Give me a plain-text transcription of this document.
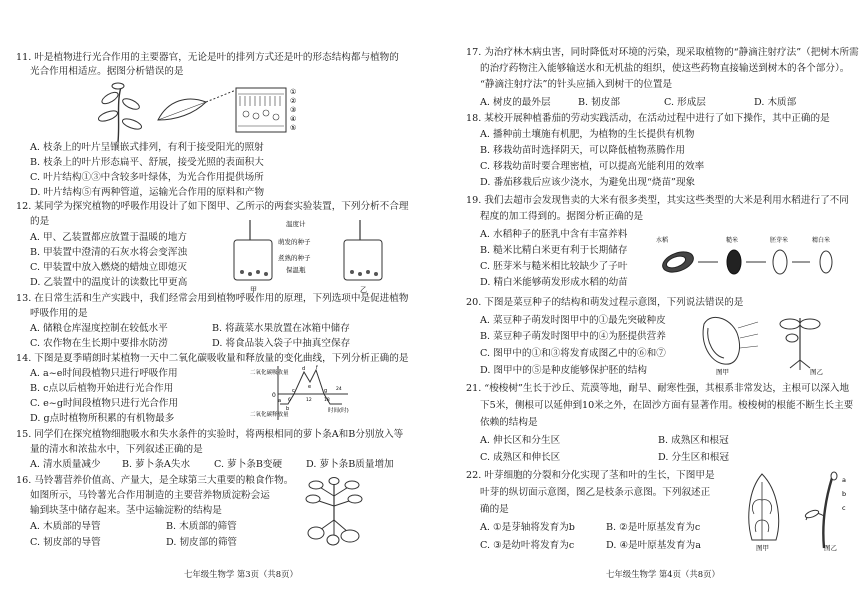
11. 叶是植物进行光合作用的主要器官，无论是叶的排列方式还是叶的形态结构都与植物的
光合作用相适应。据图分析错误的是
①
②
③
④
⑤
A. 枝条上的叶片呈镶嵌式排列，有利于接受阳光的照射
B. 枝条上的叶片形态扁平、舒展，接受光照的表面积大
C. 叶片结构①③中含较多叶绿体，为光合作用提供场所
D. 叶片结构⑤有两种管道，运输光合作用的原料和产物
12. 某同学为探究植物的呼吸作用设计了如下图甲、乙所示的两套实验装置，下列分析不合理
的是
A. 甲、乙装置都应放置于温暖的地方
B. 甲装置中澄清的石灰水将会变浑浊
C. 甲装置中放入燃烧的蜡烛立即熄灭
D. 乙装置中的温度计的读数比甲更高
温度计
萌发的种子
煮熟的种子
保温瓶
甲	乙
13. 在日常生活和生产实践中，我们经常会用到植物呼吸作用的原理，下列选项中是促进植物
呼吸作用的是
A. 储粮仓库湿度控制在较低水平	B. 将蔬菜水果放置在冰箱中储存
C. 农作物在生长期中要排水防涝	D. 将食品装入袋子中抽真空保存
14. 下图是夏季晴朗时某植物一天中二氧化碳吸收量和释放量的变化曲线，下列分析正确的是
A. a~e时间段植物只进行呼吸作用
B. c点以后植物开始进行光合作用
C. e~g时间段植物只进行光合作用
D. g点时植物所积累的有机物最多
二氧化碳吸收量
二氧化碳释放量
0
a
b
c
d
e
f
g
6	12	18
24
时间(时)
15. 同学们在探究植物细胞吸水和失水条件的实验时，将两根相同的萝卜条A和B分别放入等
量的清水和浓盐水中，下列叙述正确的是
A. 清水质量减少 B. 萝卜条A失水 C. 萝卜条B变硬 D. 萝卜条B质量增加
16. 马铃薯营养价值高、产量大，是全球第三大重要的粮食作物。
如图所示，马铃薯光合作用制造的主要营养物质淀粉会运
输到块茎中储存起来。茎中运输淀粉的结构是
A. 木质部的导管	B. 木质部的筛管
C. 韧皮部的导管	D. 韧皮部的筛管
七年级生物学 第3页（共8页）
17. 为治疗林木病虫害，同时降低对环境的污染，现采取植物的“静滴注射疗法”（把树木所需
的治疗药物注入能够输送水和无机盐的组织，使这些药物直接输送到树木的各个部分）。
“静滴注射疗法”的针头应插入到树干的位置是
A. 树皮的最外层	B. 韧皮部	C. 形成层	D. 木质部
18. 某校开展种植番茄的劳动实践活动，在活动过程中进行了如下操作，其中正确的是
A. 播种前土壤施有机肥，为植物的生长提供有机物
B. 移栽幼苗时选择阴天，可以降低植物蒸腾作用
C. 移栽幼苗时要合理密植，可以提高光能利用的效率
D. 番茄移栽后应该少浇水，为避免出现“烧苗”现象
19. 我们去超市会发现售卖的大米有很多类型，其实这些类型的大米是利用水稻进行了不同
程度的加工得到的。据图分析正确的是
A. 水稻种子的胚乳中含有丰富养料
B. 糙米比精白米更有利于长期储存
C. 胚芽米与糙米相比较缺少了子叶
D. 精白米能够萌发形成水稻的幼苗
水稻	糙米	胚芽米	精白米
20. 下图是菜豆种子的结构和萌发过程示意图，下列说法错误的是
A. 菜豆种子萌发时图甲中的①最先突破种皮
B. 菜豆种子萌发时图甲中的④为胚提供营养
C. 图甲中的①和③将发育成图乙中的⑥和⑦
D. 图甲中的⑤是种皮能够保护胚的结构	图甲	图乙
21. “梭梭树”生长于沙丘、荒漠等地，耐旱、耐寒性强，其根系非常发达，主根可以深入地
下5米，侧根可以延伸到10米之外，在固沙方面有显著作用。梭梭树的根能不断生长主要
依赖的结构是
A. 伸长区和分生区	B. 成熟区和根冠
C. 成熟区和伸长区	D. 分生区和根冠
22. 叶芽细胞的分裂和分化实现了茎和叶的生长，下图甲是
叶芽的纵切面示意图，图乙是枝条示意图。下列叙述正
确的是
A. ①是芽轴将发育为b	B. ②是叶原基发育为c
C. ③是幼叶将发育为c	D. ④是叶原基发育为a	图甲
a
b
c
图乙
七年级生物学 第4页（共8页）
